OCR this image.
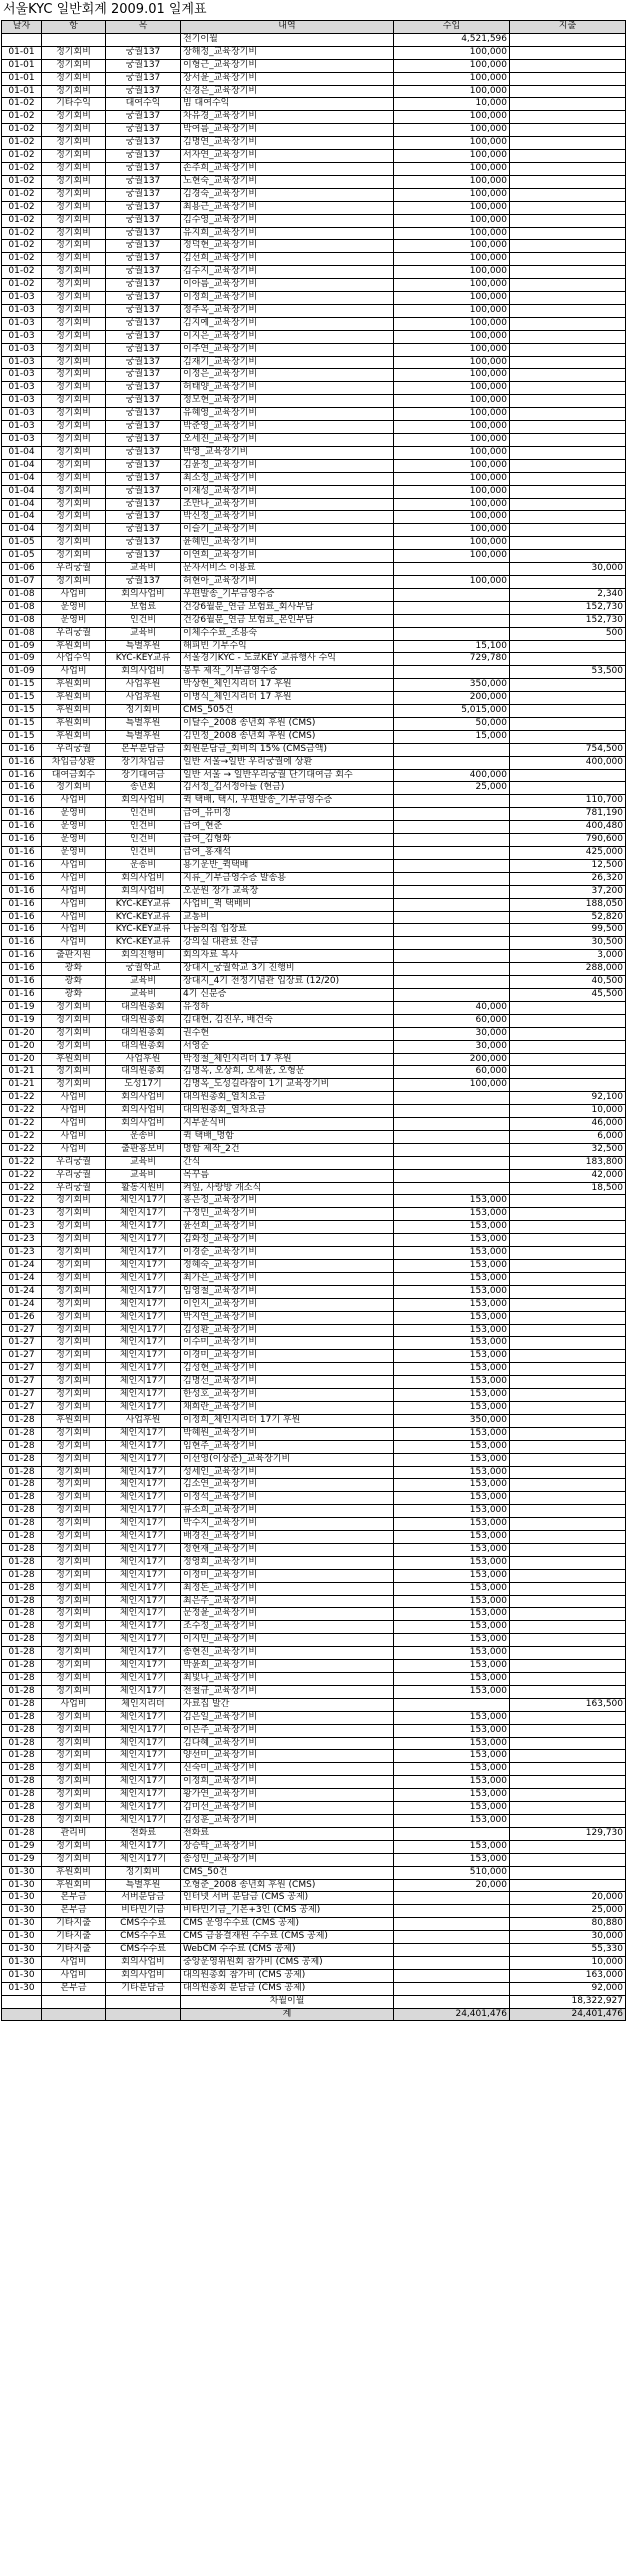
서울KYC 일반회계 2009.01 일계표
날자	항	목	내역	수입	지출
			전기이월	4,521,596	
01-01	정기회비	궁궐137	장해정_교육장기비	100,000	
01-01	정기회비	궁궐137	이형근_교육장기비	100,000	
01-01	정기회비	궁궐137	장서윤_교육장기비	100,000	
01-01	정기회비	궁궐137	신경은_교육장기비	100,000	
01-02	기타수익	대여수익	빔 대여수익	10,000	
01-02	정기회비	궁궐137	차유경_교육장기비	100,000	
01-02	정기회비	궁궐137	박여름_교육장기비	100,000	
01-02	정기회비	궁궐137	김명연_교육장기비	100,000	
01-02	정기회비	궁궐137	서자연_교육장기비	100,000	
01-02	정기회비	궁궐137	손주희_교육장기비	100,000	
01-02	정기회비	궁궐137	노현숙_교육장기비	100,000	
01-02	정기회비	궁궐137	김경숙_교육장기비	100,000	
01-02	정기회비	궁궐137	최용근_교육장기비	100,000	
01-02	정기회비	궁궐137	김수영_교육장기비	100,000	
01-02	정기회비	궁궐137	유지희_교육장기비	100,000	
01-02	정기회비	궁궐137	정덕현_교육장기비	100,000	
01-02	정기회비	궁궐137	김선희_교육장기비	100,000	
01-02	정기회비	궁궐137	김수지_교육장기비	100,000	
01-02	정기회비	궁궐137	이아름_교육장기비	100,000	
01-03	정기회비	궁궐137	이정희_교육장기비	100,000	
01-03	정기회비	궁궐137	정주옥_교육장기비	100,000	
01-03	정기회비	궁궐137	김지예_교육장기비	100,000	
01-03	정기회비	궁궐137	이지은_교육장기비	100,000	
01-03	정기회비	궁궐137	이주연_교육장기비	100,000	
01-03	정기회비	궁궐137	김재기_교육장기비	100,000	
01-03	정기회비	궁궐137	이정은_교육장기비	100,000	
01-03	정기회비	궁궐137	허태양_교육장기비	100,000	
01-03	정기회비	궁궐137	정모현_교육장기비	100,000	
01-03	정기회비	궁궐137	유혜영_교육장기비	100,000	
01-03	정기회비	궁궐137	박준영_교육장기비	100,000	
01-03	정기회비	궁궐137	오세진_교육장기비	100,000	
01-04	정기회비	궁궐137	박영_교육장기비	100,000	
01-04	정기회비	궁궐137	김윤정_교육장기비	100,000	
01-04	정기회비	궁궐137	최소정_교육장기비	100,000	
01-04	정기회비	궁궐137	이재성_교육장기비	100,000	
01-04	정기회비	궁궐137	조만나_교육장기비	100,000	
01-04	정기회비	궁궐137	박신정_교육장기비	100,000	
01-04	정기회비	궁궐137	이슬기_교육장기비	100,000	
01-05	정기회비	궁궐137	윤혜민_교육장기비	100,000	
01-05	정기회비	궁궐137	이연희_교육장기비	100,000	
01-06	우리궁궐	교육비	문자서비스 이용료		30,000
01-07	정기회비	궁궐137	허현아_교육장기비	100,000	
01-08	사업비	회의사업비	우편발송_기부금영수증		2,340
01-08	운영비	보험료	건강6월분_연금 보험료_회사부담		152,730
01-08	운영비	인건비	건강6월분_연금 보험료_본인부담		152,730
01-08	우리궁궐	교육비	이체수수료_조용숙		500
01-09	후원회비	특별후원	해피빈 기부수익	15,100	
01-09	사업수익	KYC-KEY교류	서울경기KYC - 도쿄KEY 교류행사 수익	729,780	
01-09	사업비	회의사업비	봉투 제작_기부금영수증		53,500
01-15	후원회비	사업후원	박상현_체인지리더 17 후원	350,000	
01-15	후원회비	사업후원	이병식_체인지리더 17 후원	200,000	
01-15	후원회비	정기회비	CMS_505건	5,015,000	
01-15	후원회비	특별후원	이달수_2008 송년회 후원 (CMS)	50,000	
01-15	후원회비	특별후원	김민정_2008 송년회 후원 (CMS)	15,000	
01-16	우리궁궐	본부분담금	회원분담금_회비의 15% (CMS금액)		754,500
01-16	차입금상환	장기차입금	일반 서울→일반 우리궁궐에 상환		400,000
01-16	대여금회수	장기대여금	일반 서울 → 일반우리궁궐 단기대여금 회수	400,000	
01-16	정기회비	송년회	김서정_김서정아들 (현금)	25,000	
01-16	사업비	회의사업비	퀵 택배, 택시, 우편발송_기부금영수증		110,700
01-16	운영비	인건비	급여_유미정		781,190
01-16	운영비	인건비	급여_현준		400,480
01-16	운영비	인건비	급여_김형화		790,600
01-16	운영비	인건비	급여_홍재석		425,000
01-16	사업비	운송비	용기운반_퀵택배		12,500
01-16	사업비	회의사업비	지류_기부금영수증 발송용		26,320
01-16	사업비	회의사업비	오문원 장가 교육장		37,200
01-16	사업비	KYC-KEY교류	사업비_퀵 택배비		188,050
01-16	사업비	KYC-KEY교류	교통비		52,820
01-16	사업비	KYC-KEY교류	나눔의집 입장료		99,500
01-16	사업비	KYC-KEY교류	강의실 대관료 잔금		30,500
01-16	출판지원	회의진행비	회의자료 복사		3,000
01-16	광화	궁궐학교	장대지_궁궐학교 3기 진행비		288,000
01-16	광화	교육비	장대지_4기 전정기념관 입장료 (12/20)		40,500
01-16	광화	교육비	4기 신분증		45,500
01-19	정기회비	대의원총회	유정하	40,000	
01-19	정기회비	대의원총회	김대현, 김진우, 배건숙	60,000	
01-20	정기회비	대의원총회	권수현	30,000	
01-20	정기회비	대의원총회	서영순	30,000	
01-20	후원회비	사업후원	박정철_체인지리더 17 후원	200,000	
01-21	정기회비	대의원총회	김명옥, 오상희, 오세윤, 오형문	60,000	
01-21	정기회비	도성17기	김명옥_도성길라잡이 1기 교육장기비	100,000	
01-22	사업비	회의사업비	대의원총회_열치요금		92,100
01-22	사업비	회의사업비	대의원총회_열차요금		10,000
01-22	사업비	회의사업비	지부운식비		46,000
01-22	사업비	운송비	퀵 택배_명함		6,000
01-22	사업비	출판홍보비	명함 제작_2건		32,500
01-22	우리궁궐	교육비	간식		183,800
01-22	우리궁궐	교육비	목꾸름		42,000
01-22	우리궁궐	활동지원비	켜잎, 사랑방 개소식		18,500
01-22	정기회비	체인지17기	홍은정_교육장기비	153,000	
01-23	정기회비	체인지17기	구정민_교육장기비	153,000	
01-23	정기회비	체인지17기	윤선희_교육장기비	153,000	
01-23	정기회비	체인지17기	김화정_교육장기비	153,000	
01-23	정기회비	체인지17기	이경순_교육장기비	153,000	
01-24	정기회비	체인지17기	정혜숙_교육장기비	153,000	
01-24	정기회비	체인지17기	최가은_교육장기비	153,000	
01-24	정기회비	체인지17기	임영철_교육장기비	153,000	
01-24	정기회비	체인지17기	이인지_교육장기비	153,000	
01-26	정기회비	체인지17기	박지연_교육장기비	153,000	
01-27	정기회비	체인지17기	김성환_교육장기비	153,000	
01-27	정기회비	체인지17기	이수미_교육장기비	153,000	
01-27	정기회비	체인지17기	이경미_교육장기비	153,000	
01-27	정기회비	체인지17기	김성현_교육장기비	153,000	
01-27	정기회비	체인지17기	김명선_교육장기비	153,000	
01-27	정기회비	체인지17기	한성호_교육장기비	153,000	
01-27	정기회비	체인지17기	채희란_교육장기비	153,000	
01-28	후원회비	사업후원	이정희_체인지리더 17기 후원	350,000	
01-28	정기회비	체인지17기	박혜원_교육장기비	153,000	
01-28	정기회비	체인지17기	임현주_교육장기비	153,000	
01-28	정기회비	체인지17기	이선영(이상준)_교육장기비	153,000	
01-28	정기회비	체인지17기	성세인_교육장기비	153,000	
01-28	정기회비	체인지17기	김소연_교육장기비	153,000	
01-28	정기회비	체인지17기	이정석_교육장기비	153,000	
01-28	정기회비	체인지17기	류소희_교육장기비	153,000	
01-28	정기회비	체인지17기	박수지_교육장기비	153,000	
01-28	정기회비	체인지17기	배경진_교육장기비	153,000	
01-28	정기회비	체인지17기	정현재_교육장기비	153,000	
01-28	정기회비	체인지17기	정영희_교육장기비	153,000	
01-28	정기회비	체인지17기	이정미_교육장기비	153,000	
01-28	정기회비	체인지17기	최정돈_교육장기비	153,000	
01-28	정기회비	체인지17기	최은주_교육장기비	153,000	
01-28	정기회비	체인지17기	문정윤_교육장기비	153,000	
01-28	정기회비	체인지17기	조수정_교육장기비	153,000	
01-28	정기회비	체인지17기	이지민_교육장기비	153,000	
01-28	정기회비	체인지17기	송현진_교육장기비	153,000	
01-28	정기회비	체인지17기	박윤희_교육장기비	153,000	
01-28	정기회비	체인지17기	최빛나_교육장기비	153,000	
01-28	정기회비	체인지17기	전철규_교육장기비	153,000	
01-28	사업비	체인지리더	자료집 발간		163,500
01-28	정기회비	체인지17기	김은일_교육장기비	153,000	
01-28	정기회비	체인지17기	이은주_교육장기비	153,000	
01-28	정기회비	체인지17기	김다혜_교육장기비	153,000	
01-28	정기회비	체인지17기	양선미_교육장기비	153,000	
01-28	정기회비	체인지17기	신숙미_교육장기비	153,000	
01-28	정기회비	체인지17기	이정희_교육장기비	153,000	
01-28	정기회비	체인지17기	황가연_교육장기비	153,000	
01-28	정기회비	체인지17기	김미선_교육장기비	153,000	
01-28	정기회비	체인지17기	김성훈_교육장기비	153,000	
01-28	관리비	전화료	전화료		129,730
01-29	정기회비	체인지17기	장승탁_교육장기비	153,000	
01-29	정기회비	체인지17기	송성민_교육장기비	153,000	
01-30	후원회비	정기회비	CMS_50건	510,000	
01-30	후원회비	특별후원	오형준_2008 송년회 후원 (CMS)	20,000	
01-30	본부금	서버분담금	인터넷 서버 분담금 (CMS 공제)		20,000
01-30	본부금	비타민기금	비타민기금_기본+3인 (CMS 공제)		25,000
01-30	기타지출	CMS수수료	CMS 운영수수료 (CMS 공제)		80,880
01-30	기타지출	CMS수수료	CMS 금융결재원 수수료 (CMS 공제)		30,000
01-30	기타지출	CMS수수료	WebCM 수수료 (CMS 공제)		55,330
01-30	사업비	회의사업비	중앙운영위원회 참가비 (CMS 공제)		10,000
01-30	사업비	회의사업비	대의원총회 참가비 (CMS 공제)		163,000
01-30	본부금	기타분담금	대의원총회 분담금 (CMS 공제)		92,000
			차월이월		18,322,927
			계	24,401,476	24,401,476
